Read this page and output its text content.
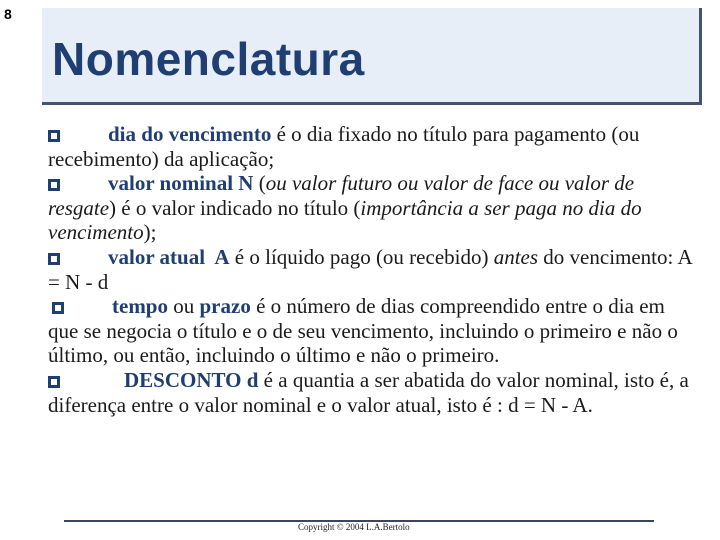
8
Nomenclatura

dia do vencimento é o dia fixado no título para pagamento (ou recebimento) da aplicação;

valor nominal N (ou valor futuro ou valor de face ou valor de resgate) é o valor indicado no título (importância a ser paga no dia do vencimento);

valor atual  A é o líquido pago (ou recebido) antes do vencimento: A = N - d

tempo ou prazo é o número de dias compreendido entre o dia em que se negocia o título e o de seu vencimento, incluindo o primeiro e não o último, ou então, incluindo o último e não o primeiro.

DESCONTO d é a quantia a ser abatida do valor nominal, isto é, a diferença entre o valor nominal e o valor atual, isto é : d = N - A.

Copyright © 2004 L.A.Bertolo
